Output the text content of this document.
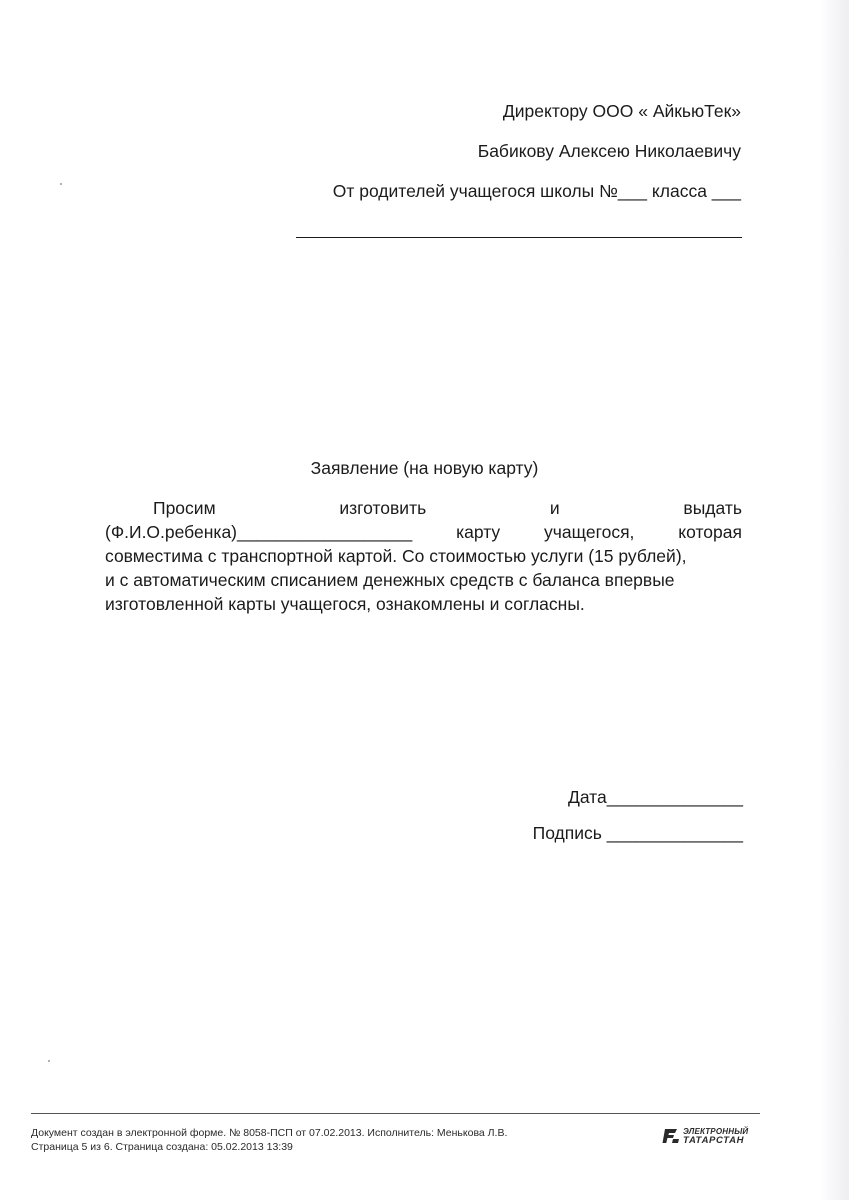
Директору ООО « АйкьюТек»
Бабикову Алексею Николаевичу
От родителей учащегося школы №___ класса ___
Заявление (на новую карту)
Просим	изготовить	и	выдать
(Ф.И.О.ребенка)__________________	карту	учащегося,	которая
совместима с транспортной картой. Со стоимостью услуги (15 рублей),
и с автоматическим списанием денежных средств с баланса впервые
изготовленной карты учащегося, ознакомлены и согласны.
Дата______________
Подпись ______________
Документ создан в электронной форме. № 8058-ПСП от 07.02.2013. Исполнитель: Менькова Л.В.
Страница 5 из 6. Страница создана: 05.02.2013 13:39
ЭЛЕКТРОННЫЙ
ТАТАРСТАН
